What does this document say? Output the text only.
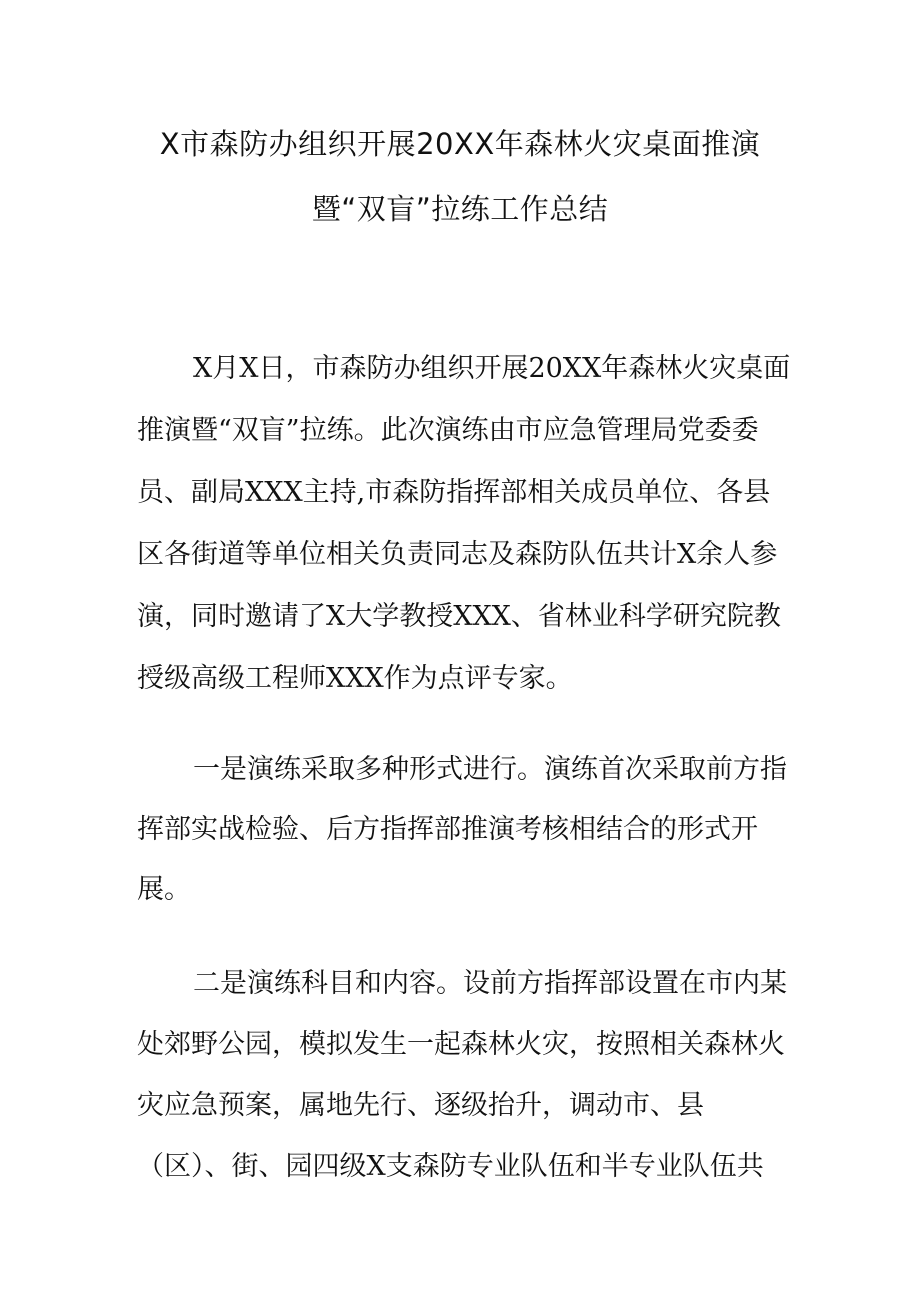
X市森防办组织开展20XX年森林火灾桌面推演
暨“双盲”拉练工作总结
X月X日，市森防办组织开展20XX年森林火灾桌面
推演暨“双盲”拉练。此次演练由市应急管理局党委委
员、副局XXX主持,市森防指挥部相关成员单位、各县
区各街道等单位相关负责同志及森防队伍共计X余人参
演，同时邀请了X大学教授XXX、省林业科学研究院教
授级高级工程师XXX作为点评专家。
一是演练采取多种形式进行。演练首次采取前方指
挥部实战检验、后方指挥部推演考核相结合的形式开
展。
二是演练科目和内容。设前方指挥部设置在市内某
处郊野公园，模拟发生一起森林火灾，按照相关森林火
灾应急预案，属地先行、逐级抬升，调动市、县
（区）、街、园四级X支森防专业队伍和半专业队伍共
